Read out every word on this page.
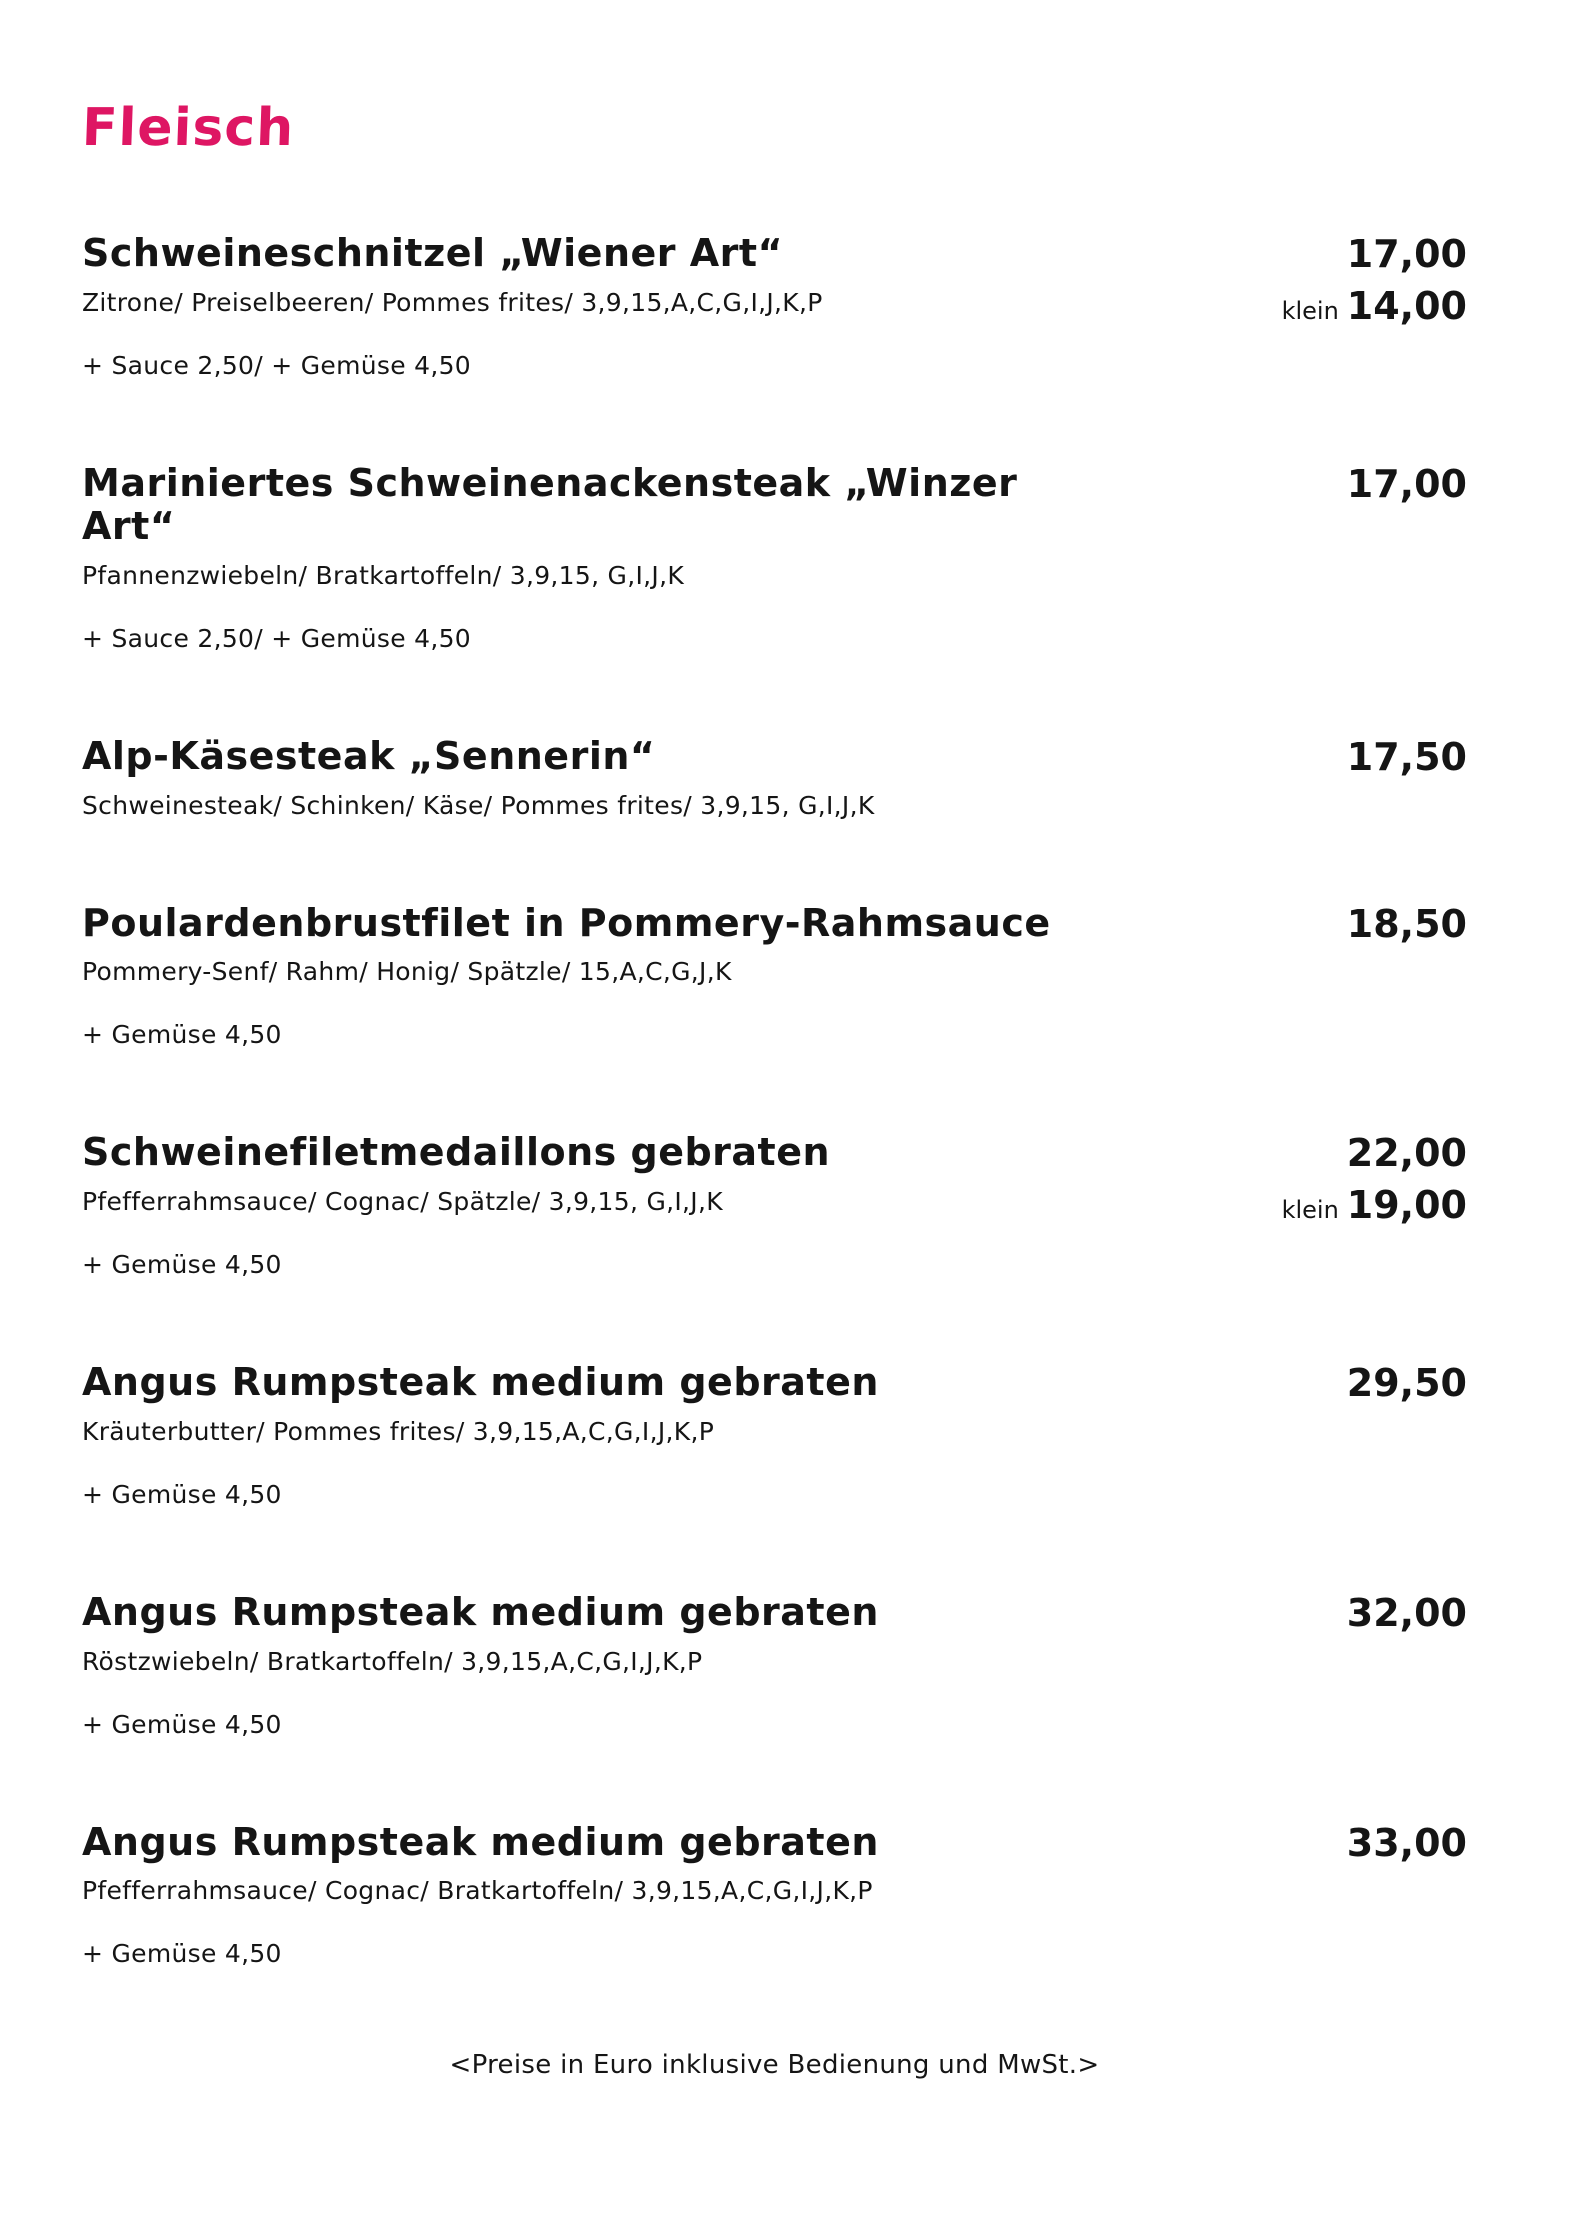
Fleisch
Schweineschnitzel „Wiener Art“
Zitrone/ Preiselbeeren/ Pommes frites/ 3,9,15,A,C,G,I,J,K,P
+ Sauce 2,50/ + Gemüse 4,50
17,00
klein 14,00
Mariniertes Schweinenackensteak „Winzer Art“
Pfannenzwiebeln/ Bratkartoffeln/ 3,9,15, G,I,J,K
+ Sauce 2,50/ + Gemüse 4,50
17,00
Alp-Käsesteak „Sennerin“
Schweinesteak/ Schinken/ Käse/ Pommes frites/ 3,9,15, G,I,J,K
17,50
Poulardenbrustfilet in Pommery-Rahmsauce
Pommery-Senf/ Rahm/ Honig/ Spätzle/ 15,A,C,G,J,K
+ Gemüse 4,50
18,50
Schweinefiletmedaillons gebraten
Pfefferrahmsauce/ Cognac/ Spätzle/ 3,9,15, G,I,J,K
+ Gemüse 4,50
22,00
klein 19,00
Angus Rumpsteak medium gebraten
Kräuterbutter/ Pommes frites/ 3,9,15,A,C,G,I,J,K,P
+ Gemüse 4,50
29,50
Angus Rumpsteak medium gebraten
Röstzwiebeln/ Bratkartoffeln/ 3,9,15,A,C,G,I,J,K,P
+ Gemüse 4,50
32,00
Angus Rumpsteak medium gebraten
Pfefferrahmsauce/ Cognac/ Bratkartoffeln/ 3,9,15,A,C,G,I,J,K,P
+ Gemüse 4,50
33,00
<Preise in Euro inklusive Bedienung und MwSt.>
